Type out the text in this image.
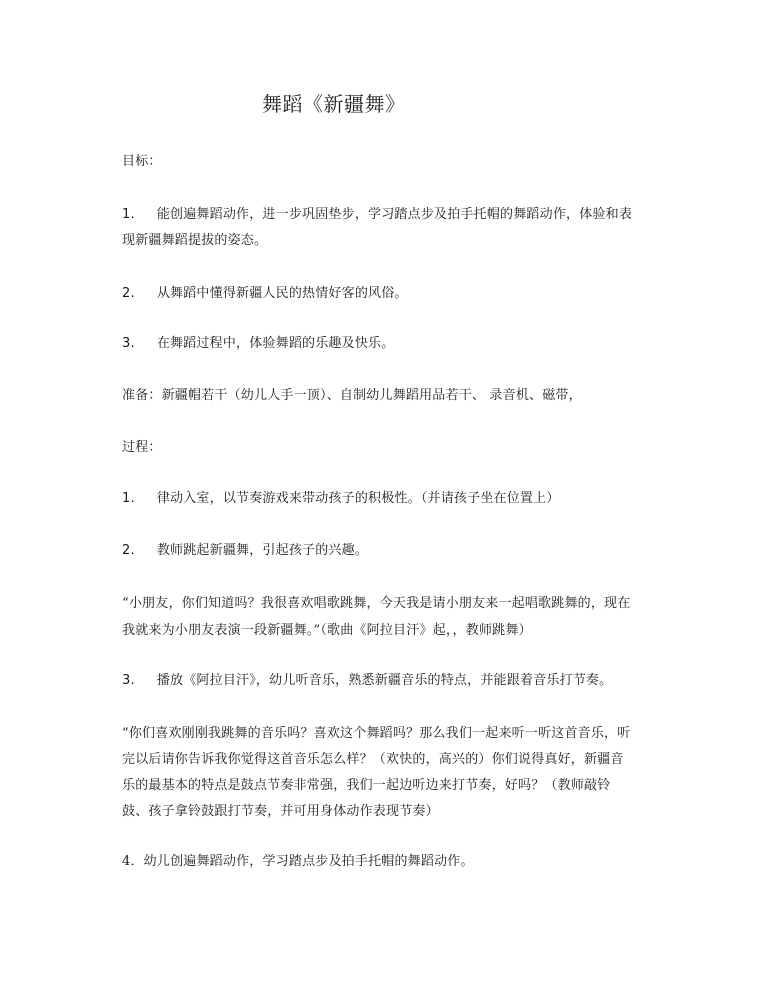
舞蹈《新疆舞》
目标：
1. 能创遍舞蹈动作，进一步巩固垫步，学习踏点步及拍手托帽的舞蹈动作，体验和表
现新疆舞蹈提拔的姿态。
2. 从舞蹈中懂得新疆人民的热情好客的风俗。
3. 在舞蹈过程中，体验舞蹈的乐趣及快乐。
准备：新疆帽若干（幼儿人手一顶）、自制幼儿舞蹈用品若干、 录音机、磁带，
过程：
1. 律动入室，以节奏游戏来带动孩子的积极性。（并请孩子坐在位置上）
2. 教师跳起新疆舞，引起孩子的兴趣。
“小朋友，你们知道吗？我很喜欢唱歌跳舞，今天我是请小朋友来一起唱歌跳舞的，现在
我就来为小朋友表演一段新疆舞。”（歌曲《阿拉目汗》起，，教师跳舞）
3. 播放《阿拉目汗》，幼儿听音乐，熟悉新疆音乐的特点，并能跟着音乐打节奏。
“你们喜欢刚刚我跳舞的音乐吗？喜欢这个舞蹈吗？那么我们一起来听一听这首音乐，听
完以后请你告诉我你觉得这首音乐怎么样？（欢快的，高兴的）你们说得真好，新疆音
乐的最基本的特点是鼓点节奏非常强，我们一起边听边来打节奏，好吗？（教师敲铃
鼓、孩子拿铃鼓跟打节奏，并可用身体动作表现节奏）
4．幼儿创遍舞蹈动作，学习踏点步及拍手托帽的舞蹈动作。
